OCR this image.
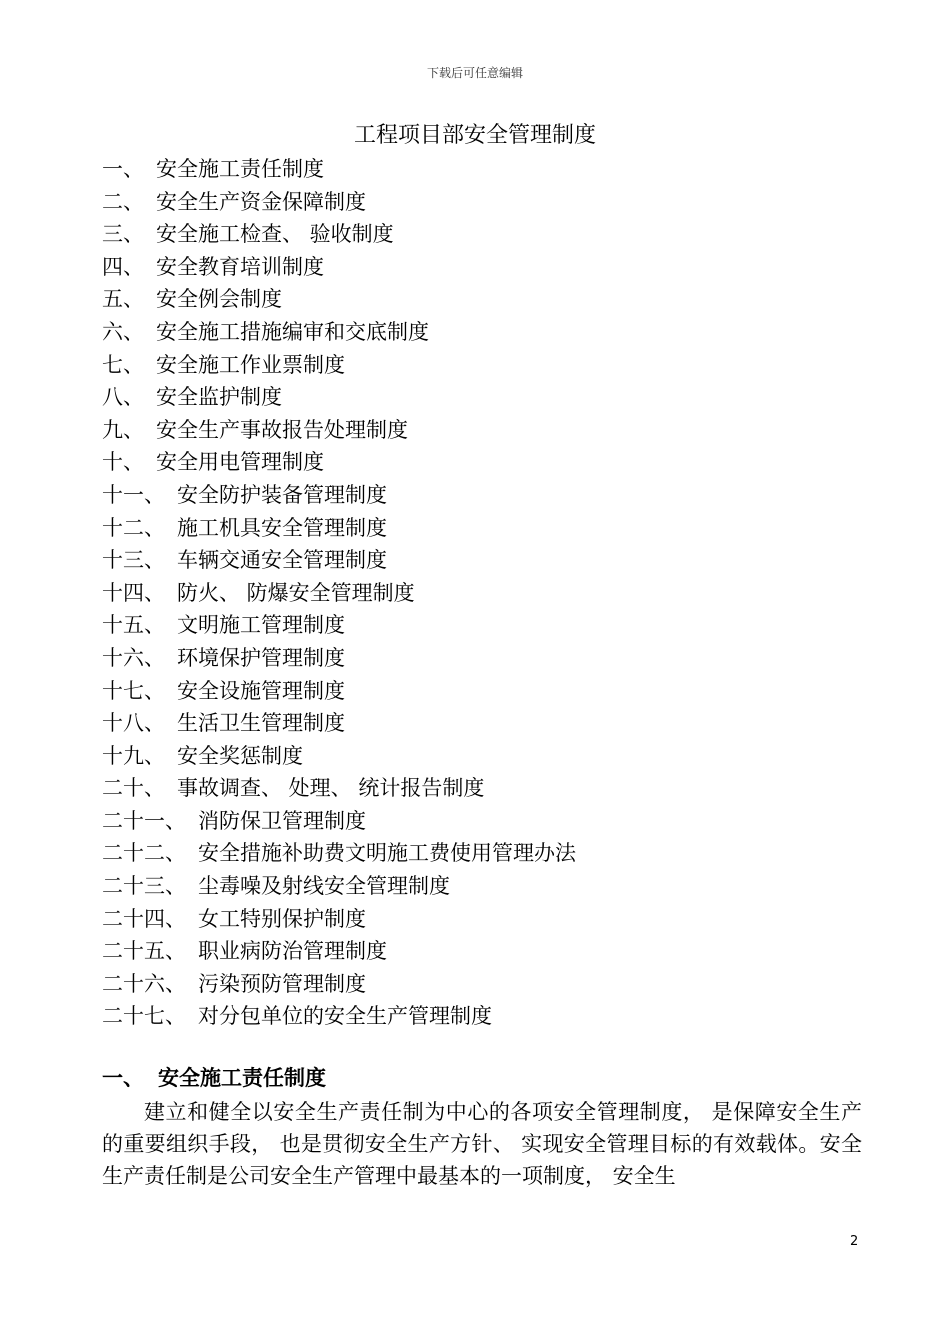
下载后可任意编辑
工程项目部安全管理制度
一、 安全施工责任制度
二、 安全生产资金保障制度
三、 安全施工检查、 验收制度
四、 安全教育培训制度
五、 安全例会制度
六、 安全施工措施编审和交底制度
七、 安全施工作业票制度
八、 安全监护制度
九、 安全生产事故报告处理制度
十、 安全用电管理制度
十一、 安全防护装备管理制度
十二、 施工机具安全管理制度
十三、 车辆交通安全管理制度
十四、 防火、 防爆安全管理制度
十五、 文明施工管理制度
十六、 环境保护管理制度
十七、 安全设施管理制度
十八、 生活卫生管理制度
十九、 安全奖惩制度
二十、 事故调查、 处理、 统计报告制度
二十一、 消防保卫管理制度
二十二、 安全措施补助费文明施工费使用管理办法
二十三、 尘毒噪及射线安全管理制度
二十四、 女工特别保护制度
二十五、 职业病防治管理制度
二十六、 污染预防管理制度
二十七、 对分包单位的安全生产管理制度
一、 安全施工责任制度

建立和健全以安全生产责任制为中心的各项安全管理制度， 是保障安全生产的重要组织手段， 也是贯彻安全生产方针、 实现安全管理目标的有效载体。安全生产责任制是公司安全生产管理中最基本的一项制度， 安全生

2
